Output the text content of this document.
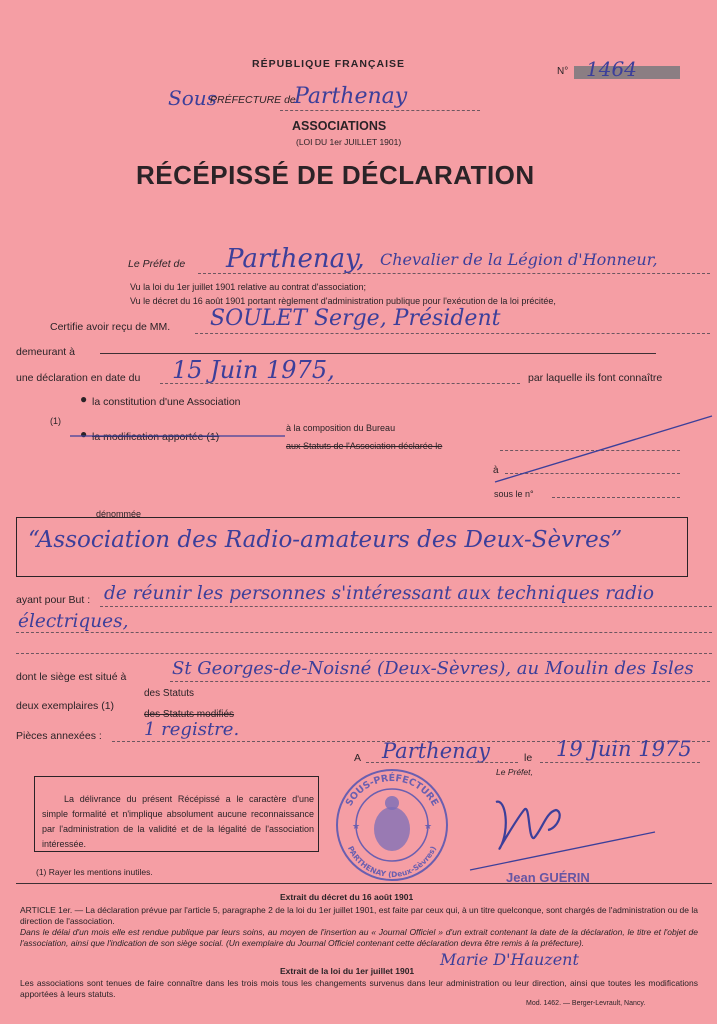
RÉPUBLIQUE FRANÇAISE
N° 1464
Sous
PRÉFECTURE de
Parthenay
ASSOCIATIONS
(LOI DU 1er JUILLET 1901)
RÉCÉPISSÉ DE DÉCLARATION
Le Préfet de Parthenay, Chevalier de la Légion d'Honneur,
Vu la loi du 1er juillet 1901 relative au contrat d'association;
Vu le décret du 16 août 1901 portant règlement d'administration publique pour l'exécution de la loi précitée,
Certifie avoir reçu de MM. SOULET Serge, Président
demeurant à
une déclaration en date du 15 Juin 1975,	par laquelle ils font connaître
● la constitution d'une Association
(1)
● la modification apportée (1)
à la composition du Bureau
aux Statuts de l'Association déclarée le
à
sous le n°
dénommée
“Association des Radio-amateurs des Deux-Sèvres”
ayant pour But : de réunir les personnes s'intéressant aux techniques radio
électriques,
dont le siège est situé à	St Georges-de-Noisné (Deux-Sèvres), au Moulin des Isles
des Statuts
deux exemplaires (1)
des Statuts modifiés
Pièces annexées : 1 registre.
A Parthenay	le 19 Juin 1975
Le Préfet,
La délivrance du présent Récépissé a le caractère d'une simple formalité et n'implique absolument aucune reconnaissance par l'administration de la validité et de la légalité de l'association intéressée.
SOUS-PRÉFECTURE
PARTHENAY (Deux-Sèvres)
★	★
Jean GUÉRIN
(1) Rayer les mentions inutiles.
Extrait du décret du 16 août 1901
ARTICLE 1er. — La déclaration prévue par l'article 5, paragraphe 2 de la loi du 1er juillet 1901, est faite par ceux qui, à un titre quelconque, sont chargés de l'administration ou de la direction de l'association.
Dans le délai d'un mois elle est rendue publique par leurs soins, au moyen de l'insertion au « Journal Officiel » d'un extrait contenant la date de la déclaration, le titre et l'objet de l'association, ainsi que l'indication de son siège social. (Un exemplaire du Journal Officiel contenant cette déclaration devra être remis à la préfecture).
Extrait de la loi du 1er juillet 1901
Marie D'Hauzent
Les associations sont tenues de faire connaître dans les trois mois tous les changements survenus dans leur administration ou leur direction, ainsi que toutes les modifications apportées à leurs statuts.
Mod. 1462. — Berger-Levrault, Nancy.
